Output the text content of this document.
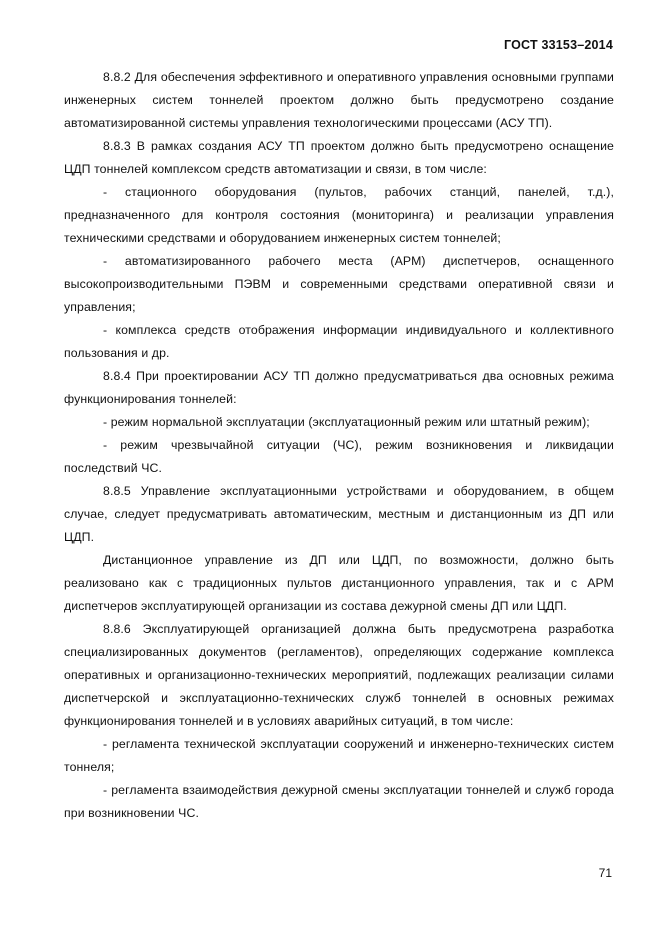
ГОСТ 33153–2014

8.8.2 Для обеспечения эффективного и оперативного управления основными группами инженерных систем тоннелей проектом должно быть предусмотрено создание автоматизированной системы управления технологическими процессами (АСУ ТП).

8.8.3 В рамках создания АСУ ТП проектом должно быть предусмотрено оснащение ЦДП тоннелей комплексом средств автоматизации и связи, в том числе:

- стационного оборудования (пультов, рабочих станций, панелей, т.д.), предназначенного для контроля состояния (мониторинга) и реализации управления техническими средствами и оборудованием инженерных систем тоннелей;

- автоматизированного рабочего места (АРМ) диспетчеров, оснащенного высокопроизводительными ПЭВМ и современными средствами оперативной связи и управления;

- комплекса средств отображения информации индивидуального и коллективного пользования и др.

8.8.4 При проектировании АСУ ТП должно предусматриваться два основных режима функционирования тоннелей:

- режим нормальной эксплуатации (эксплуатационный режим или штатный режим);

- режим чрезвычайной ситуации (ЧС), режим возникновения и ликвидации последствий ЧС.

8.8.5 Управление эксплуатационными устройствами и оборудованием, в общем случае, следует предусматривать автоматическим, местным и дистанционным из ДП или ЦДП.

Дистанционное управление из ДП или ЦДП, по возможности, должно быть реализовано как с традиционных пультов дистанционного управления, так и с АРМ диспетчеров эксплуатирующей организации из состава дежурной смены ДП или ЦДП.

8.8.6 Эксплуатирующей организацией должна быть предусмотрена разработка специализированных документов (регламентов), определяющих содержание комплекса оперативных и организационно-технических мероприятий, подлежащих реализации силами диспетчерской и эксплуатационно-технических служб тоннелей в основных режимах функционирования тоннелей и в условиях аварийных ситуаций, в том числе:

- регламента технической эксплуатации сооружений и инженерно-технических систем тоннеля;

- регламента взаимодействия дежурной смены эксплуатации тоннелей и служб города при возникновении ЧС.

71
